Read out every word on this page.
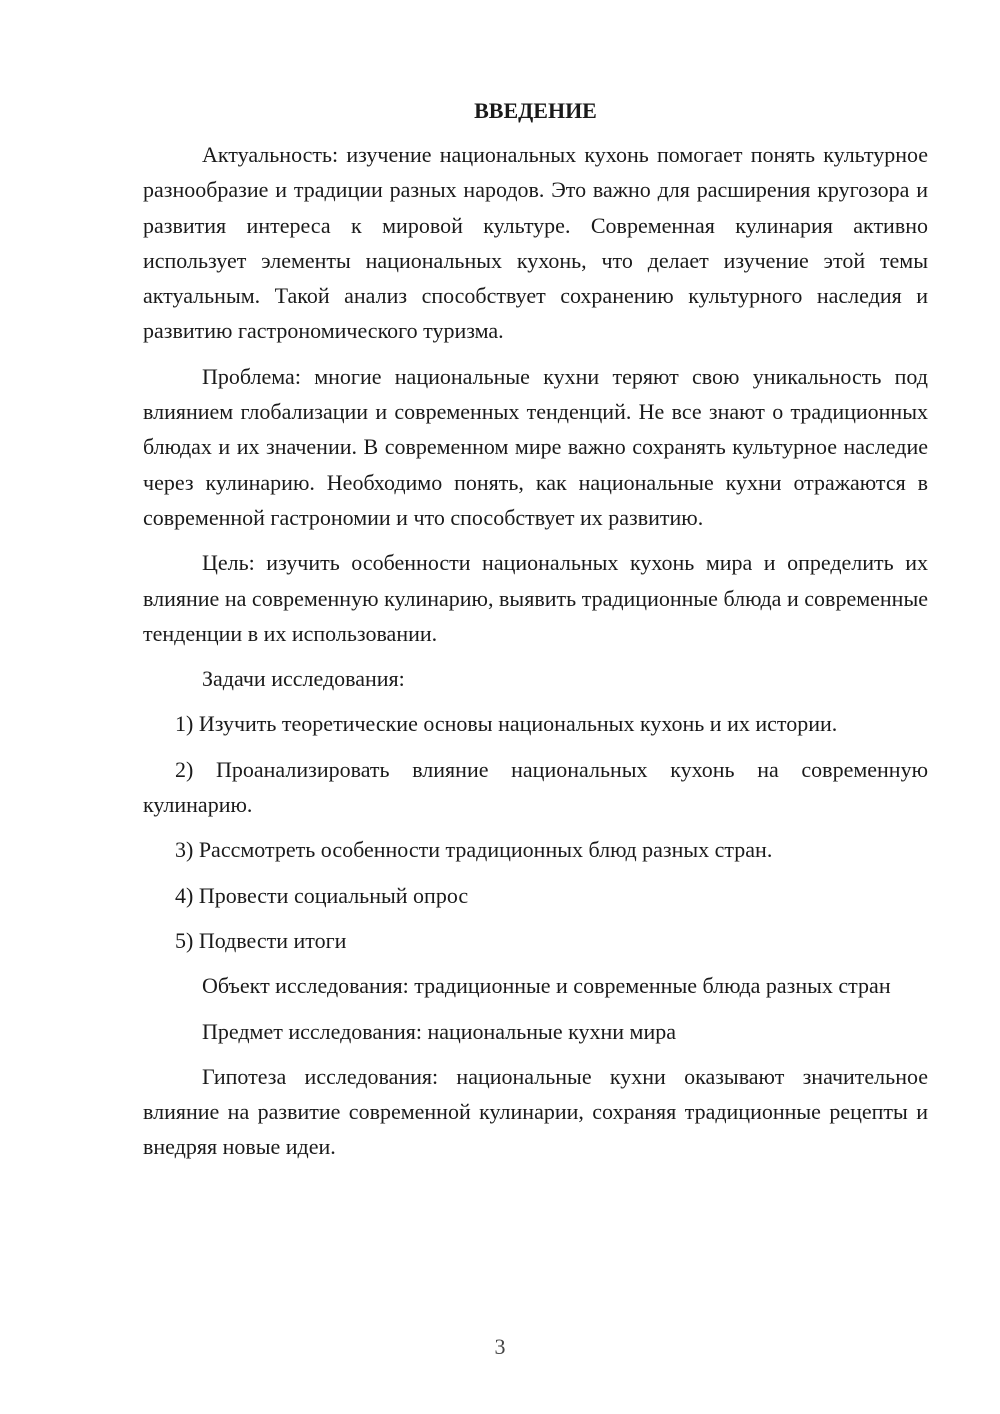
ВВЕДЕНИЕ

Актуальность: изучение национальных кухонь помогает понять культурное разнообразие и традиции разных народов. Это важно для расширения кругозора и развития интереса к мировой культуре. Современная кулинария активно использует элементы национальных кухонь, что делает изучение этой темы актуальным. Такой анализ способствует сохранению культурного наследия и развитию гастрономического туризма.

Проблема: многие национальные кухни теряют свою уникальность под влиянием глобализации и современных тенденций. Не все знают о традиционных блюдах и их значении. В современном мире важно сохранять культурное наследие через кулинарию. Необходимо понять, как национальные кухни отражаются в современной гастрономии и что способствует их развитию.

Цель: изучить особенности национальных кухонь мира и определить их влияние на современную кулинарию, выявить традиционные блюда и современные тенденции в их использовании.

Задачи исследования:

1) Изучить теоретические основы национальных кухонь и их истории.

2) Проанализировать влияние национальных кухонь на современную кулинарию.

3) Рассмотреть особенности традиционных блюд разных стран.

4) Провести социальный опрос

5) Подвести итоги

Объект исследования: традиционные и современные блюда разных стран

Предмет исследования: национальные кухни мира

Гипотеза исследования: национальные кухни оказывают значительное влияние на развитие современной кулинарии, сохраняя традиционные рецепты и внедряя новые идеи.

3
